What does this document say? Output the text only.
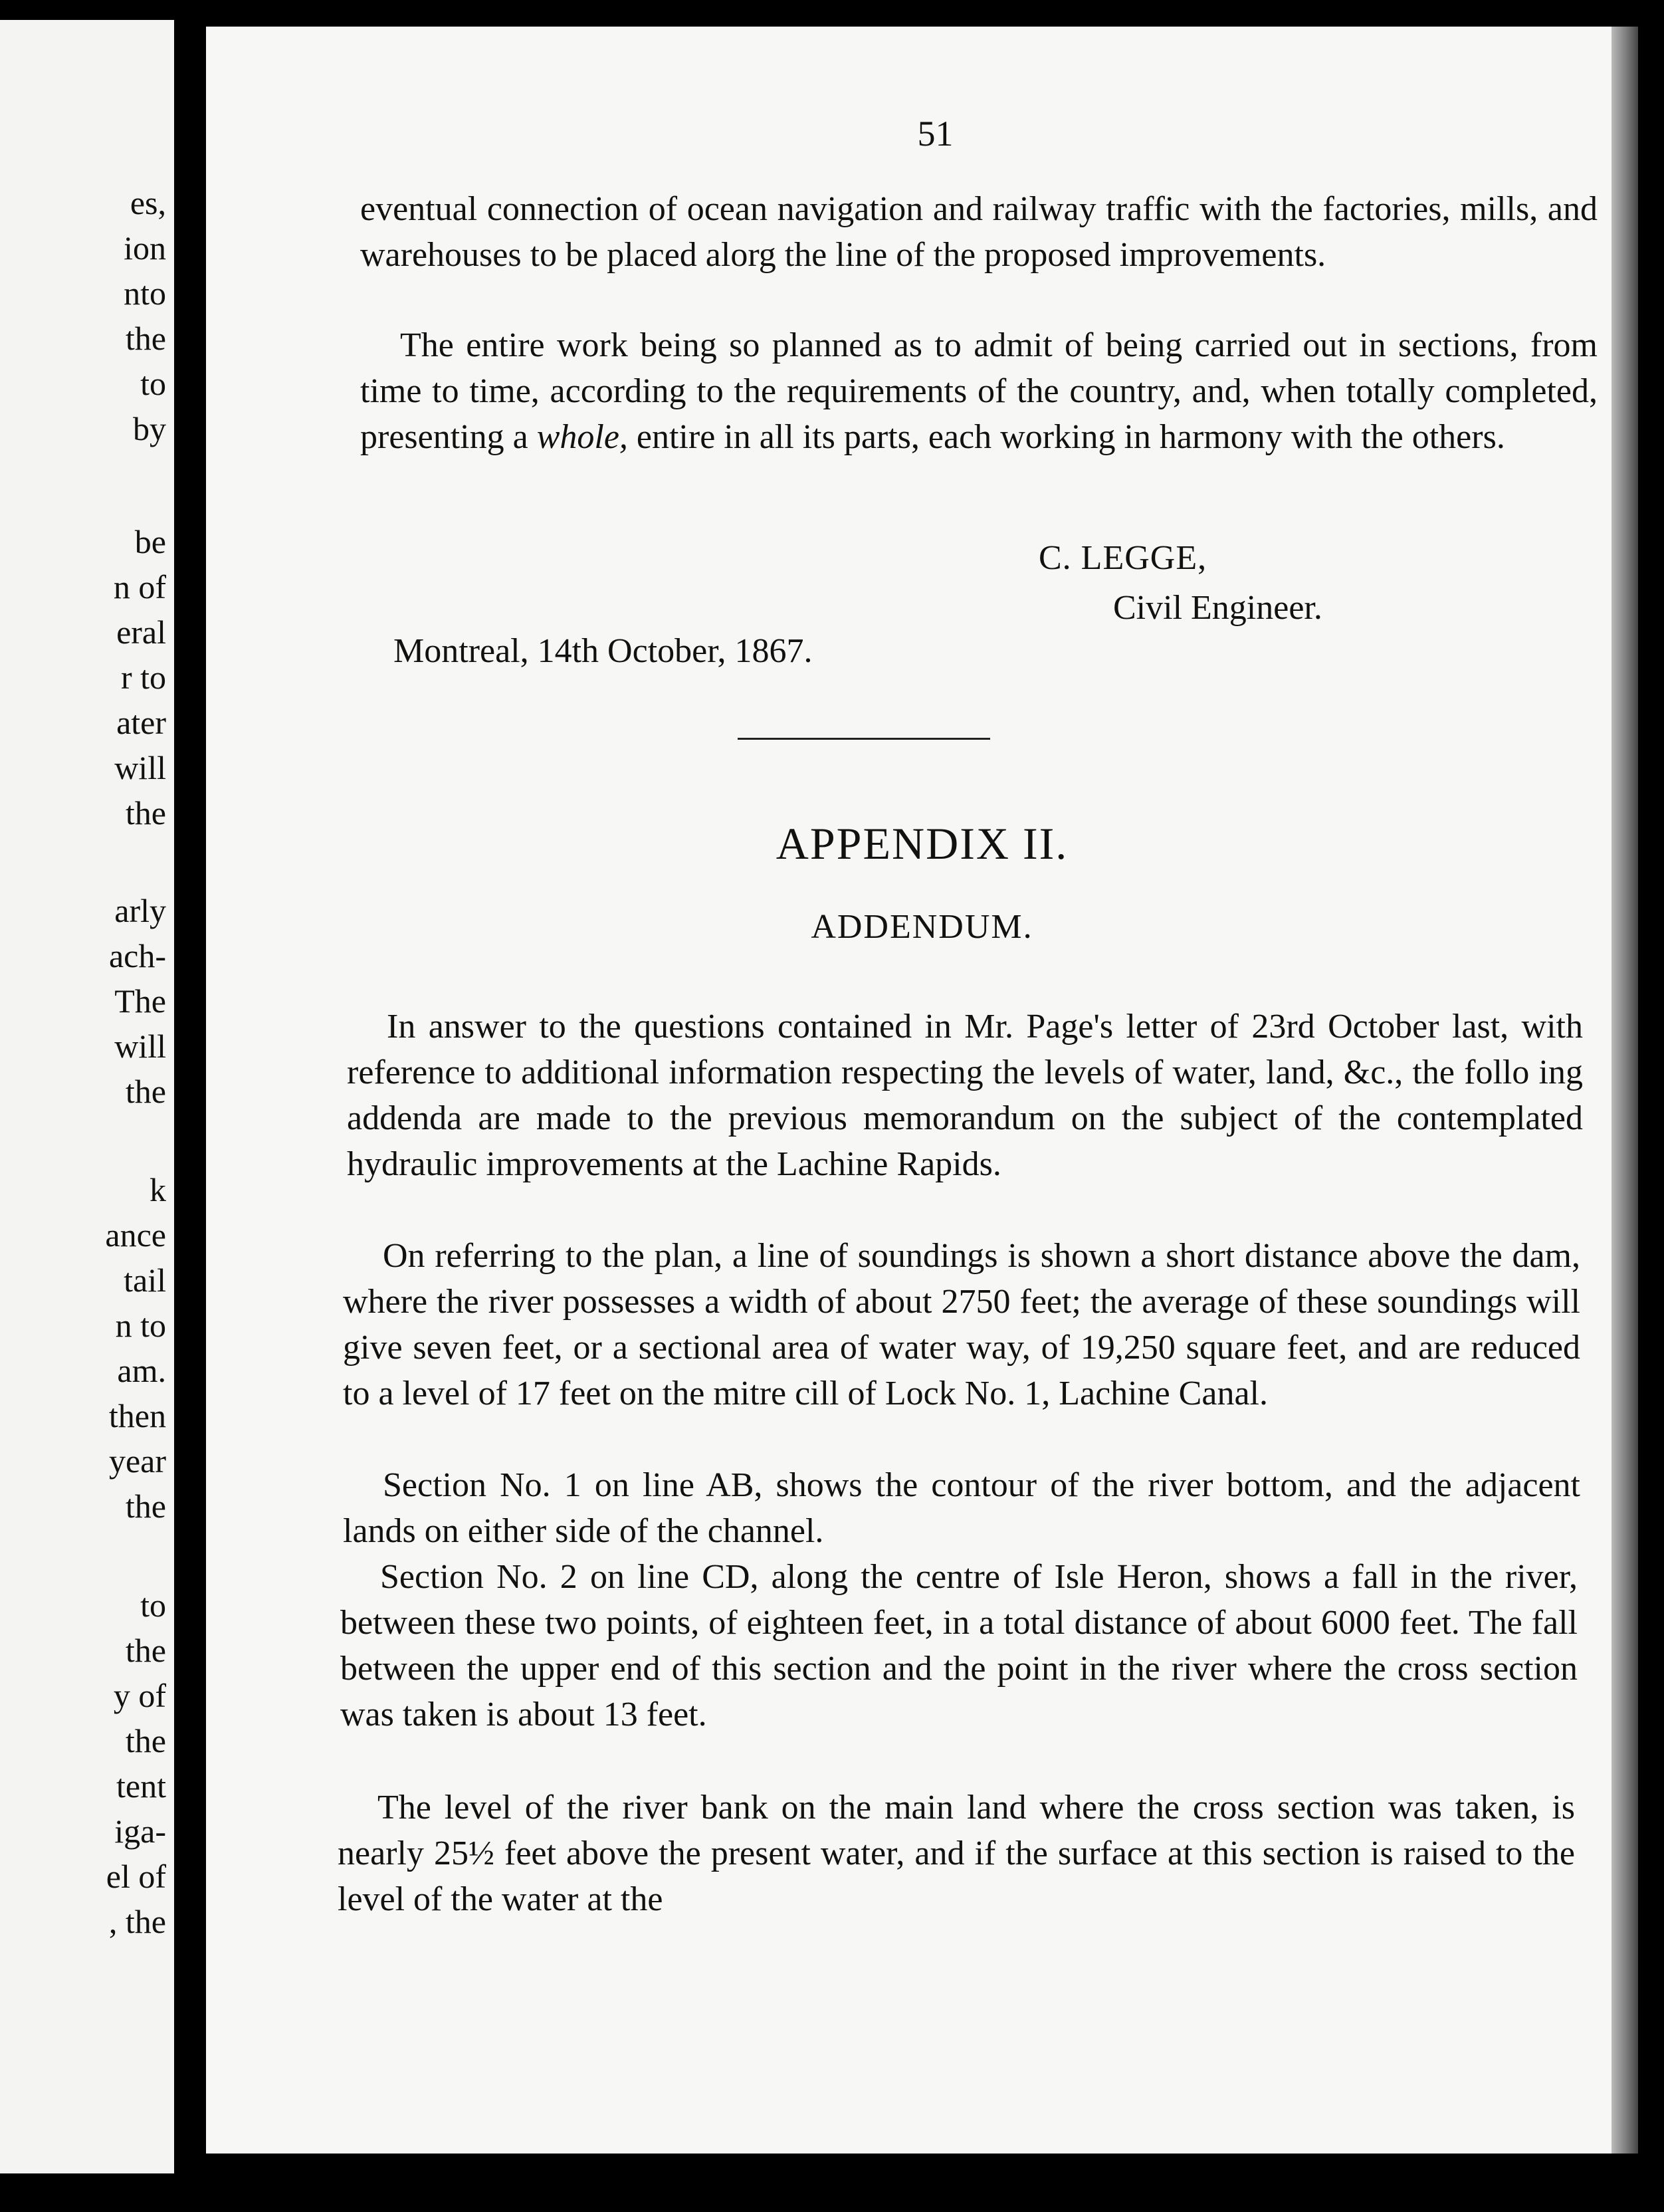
es,
ion
nto
the
to
by
be
n of
eral
r to
ater
will
the
arly
ach-
The
will
the
k
ance
tail
n to
am.
then
year
the
to
the
y of
the
tent
iga-
el of
, the
51

eventual connection of ocean navigation and railway traffic with the factories, mills, and warehouses to be placed alorg the line of the proposed improvements.

The entire work being so planned as to admit of being carried out in sections, from time to time, according to the requirements of the country, and, when totally completed, presenting a whole, entire in all its parts, each working in harmony with the others.

C. LEGGE,
Civil Engineer.
Montreal, 14th October, 1867.
APPENDIX II.
ADDENDUM.

In answer to the questions contained in Mr. Page's letter of 23rd October last, with reference to additional information respecting the levels of water, land, &c., the follo ing addenda are made to the previous memorandum on the subject of the contemplated hydraulic improvements at the Lachine Rapids.

On referring to the plan, a line of soundings is shown a short distance above the dam, where the river possesses a width of about 2750 feet; the average of these soundings will give seven feet, or a sectional area of water way, of 19,250 square feet, and are reduced to a level of 17 feet on the mitre cill of Lock No. 1, Lachine Canal.

Section No. 1 on line AB, shows the contour of the river bottom, and the adjacent lands on either side of the channel.

Section No. 2 on line CD, along the centre of Isle Heron, shows a fall in the river, between these two points, of eighteen feet, in a total distance of about 6000 feet. The fall between the upper end of this section and the point in the river where the cross section was taken is about 13 feet.

The level of the river bank on the main land where the cross section was taken, is nearly 25½ feet above the present water, and if the surface at this section is raised to the level of the water at the
